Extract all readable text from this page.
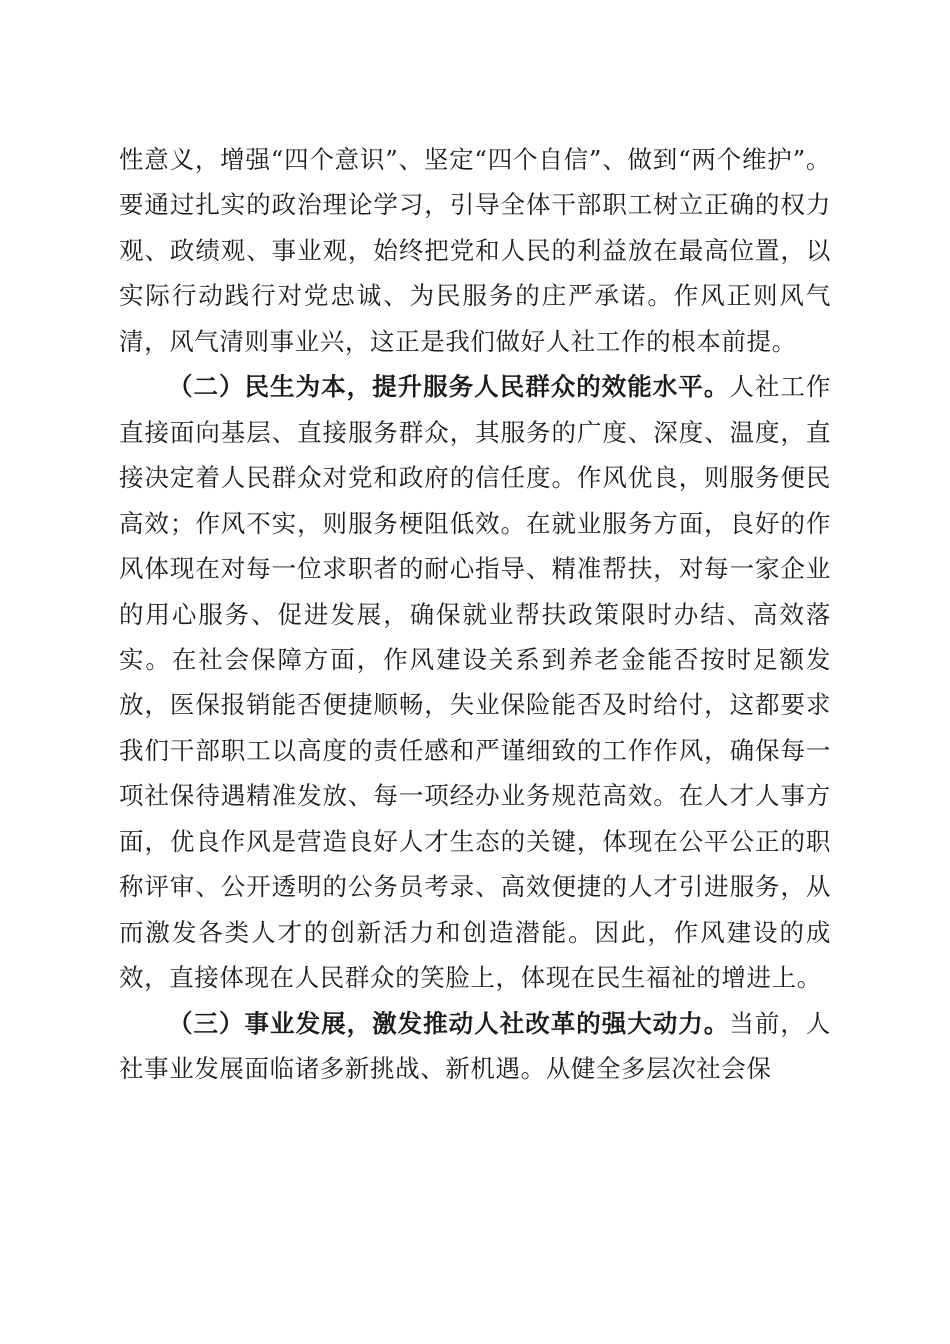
性意义，增强“四个意识”、坚定“四个自信”、做到“两个维护”。要通过扎实的政治理论学习，引导全体干部职工树立正确的权力观、政绩观、事业观，始终把党和人民的利益放在最高位置，以实际行动践行对党忠诚、为民服务的庄严承诺。作风正则风气清，风气清则事业兴，这正是我们做好人社工作的根本前提。

（二）民生为本，提升服务人民群众的效能水平。人社工作直接面向基层、直接服务群众，其服务的广度、深度、温度，直接决定着人民群众对党和政府的信任度。作风优良，则服务便民高效；作风不实，则服务梗阻低效。在就业服务方面，良好的作风体现在对每一位求职者的耐心指导、精准帮扶，对每一家企业的用心服务、促进发展，确保就业帮扶政策限时办结、高效落实。在社会保障方面，作风建设关系到养老金能否按时足额发放，医保报销能否便捷顺畅，失业保险能否及时给付，这都要求我们干部职工以高度的责任感和严谨细致的工作作风，确保每一项社保待遇精准发放、每一项经办业务规范高效。在人才人事方面，优良作风是营造良好人才生态的关键，体现在公平公正的职称评审、公开透明的公务员考录、高效便捷的人才引进服务，从而激发各类人才的创新活力和创造潜能。因此，作风建设的成效，直接体现在人民群众的笑脸上，体现在民生福祉的增进上。

（三）事业发展，激发推动人社改革的强大动力。当前，人社事业发展面临诸多新挑战、新机遇。从健全多层次社会保
